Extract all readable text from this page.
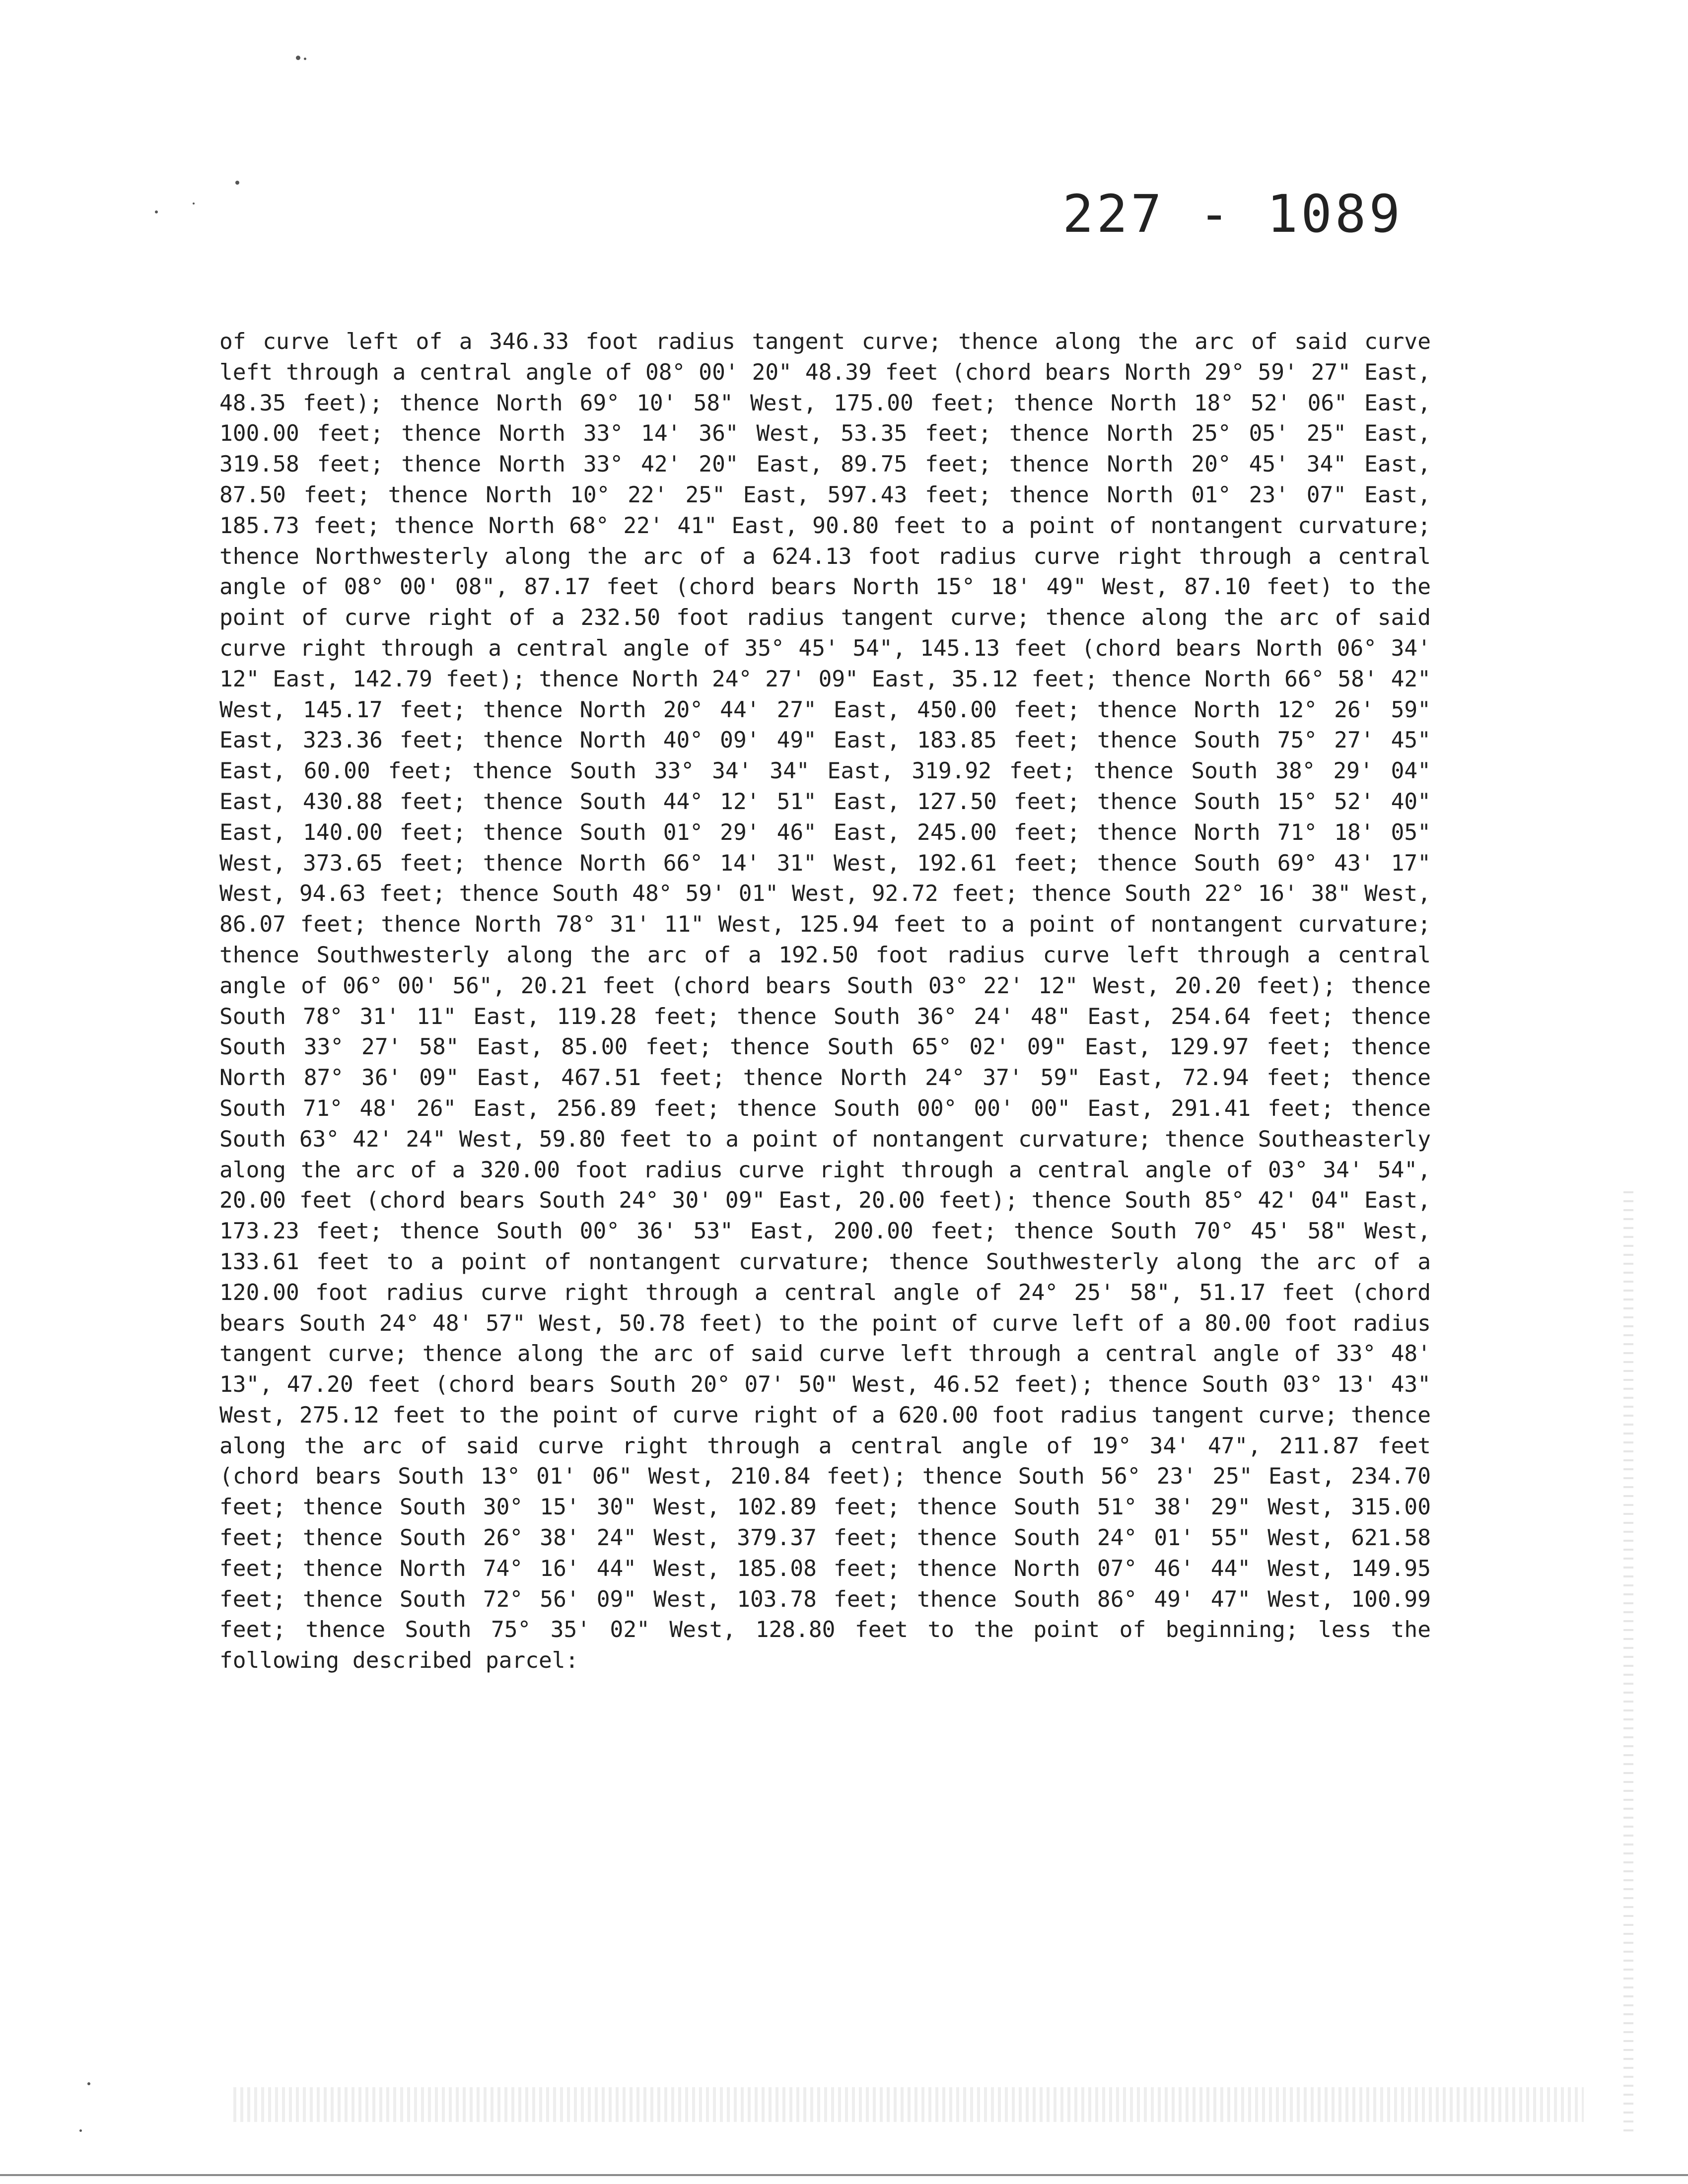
227 - 1089
of curve left of a 346.33 foot radius tangent curve; thence along the arc of said curve left through a central angle of 08° 00' 20" 48.39 feet (chord bears North 29° 59' 27" East, 48.35 feet); thence North 69° 10' 58" West, 175.00 feet; thence North 18° 52' 06" East, 100.00 feet; thence North 33° 14' 36" West, 53.35 feet; thence North 25° 05' 25" East, 319.58 feet; thence North 33° 42' 20" East, 89.75 feet; thence North 20° 45' 34" East, 87.50 feet; thence North 10° 22' 25" East, 597.43 feet; thence North 01° 23' 07" East, 185.73 feet; thence North 68° 22' 41" East, 90.80 feet to a point of nontangent curvature; thence Northwesterly along the arc of a 624.13 foot radius curve right through a central angle of 08° 00' 08", 87.17 feet (chord bears North 15° 18' 49" West, 87.10 feet) to the point of curve right of a 232.50 foot radius tangent curve; thence along the arc of said curve right through a central angle of 35° 45' 54", 145.13 feet (chord bears North 06° 34' 12" East, 142.79 feet); thence North 24° 27' 09" East, 35.12 feet; thence North 66° 58' 42" West, 145.17 feet; thence North 20° 44' 27" East, 450.00 feet; thence North 12° 26' 59" East, 323.36 feet; thence North 40° 09' 49" East, 183.85 feet; thence South 75° 27' 45" East, 60.00 feet; thence South 33° 34' 34" East, 319.92 feet; thence South 38° 29' 04" East, 430.88 feet; thence South 44° 12' 51" East, 127.50 feet; thence South 15° 52' 40" East, 140.00 feet; thence South 01° 29' 46" East, 245.00 feet; thence North 71° 18' 05" West, 373.65 feet; thence North 66° 14' 31" West, 192.61 feet; thence South 69° 43' 17" West, 94.63 feet; thence South 48° 59' 01" West, 92.72 feet; thence South 22° 16' 38" West, 86.07 feet; thence North 78° 31' 11" West, 125.94 feet to a point of nontangent curvature; thence Southwesterly along the arc of a 192.50 foot radius curve left through a central angle of 06° 00' 56", 20.21 feet (chord bears South 03° 22' 12" West, 20.20 feet); thence South 78° 31' 11" East, 119.28 feet; thence South 36° 24' 48" East, 254.64 feet; thence South 33° 27' 58" East, 85.00 feet; thence South 65° 02' 09" East, 129.97 feet; thence North 87° 36' 09" East, 467.51 feet; thence North 24° 37' 59" East, 72.94 feet; thence South 71° 48' 26" East, 256.89 feet; thence South 00° 00' 00" East, 291.41 feet; thence South 63° 42' 24" West, 59.80 feet to a point of nontangent curvature; thence Southeasterly along the arc of a 320.00 foot radius curve right through a central angle of 03° 34' 54", 20.00 feet (chord bears South 24° 30' 09" East, 20.00 feet); thence South 85° 42' 04" East, 173.23 feet; thence South 00° 36' 53" East, 200.00 feet; thence South 70° 45' 58" West, 133.61 feet to a point of nontangent curvature; thence Southwesterly along the arc of a 120.00 foot radius curve right through a central angle of 24° 25' 58", 51.17 feet (chord bears South 24° 48' 57" West, 50.78 feet) to the point of curve left of a 80.00 foot radius tangent curve; thence along the arc of said curve left through a central angle of 33° 48' 13", 47.20 feet (chord bears South 20° 07' 50" West, 46.52 feet); thence South 03° 13' 43" West, 275.12 feet to the point of curve right of a 620.00 foot radius tangent curve; thence along the arc of said curve right through a central angle of 19° 34' 47", 211.87 feet (chord bears South 13° 01' 06" West, 210.84 feet); thence South 56° 23' 25" East, 234.70 feet; thence South 30° 15' 30" West, 102.89 feet; thence South 51° 38' 29" West, 315.00 feet; thence South 26° 38' 24" West, 379.37 feet; thence South 24° 01' 55" West, 621.58 feet; thence North 74° 16' 44" West, 185.08 feet; thence North 07° 46' 44" West, 149.95 feet; thence South 72° 56' 09" West, 103.78 feet; thence South 86° 49' 47" West, 100.99 feet; thence South 75° 35' 02" West, 128.80 feet to the point of beginning; less the following described parcel:
